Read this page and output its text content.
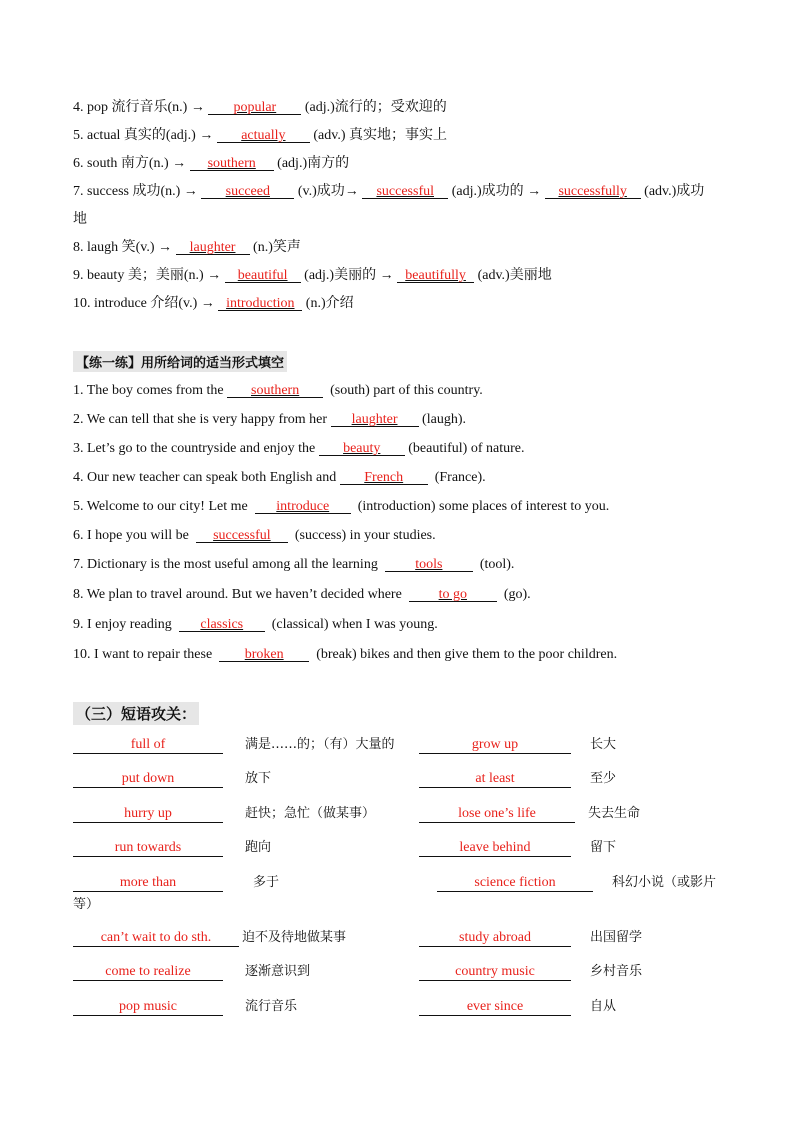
4. pop 流行音乐(n.) → popular (adj.)流行的；受欢迎的
5. actual 真实的(adj.) → actually (adv.) 真实地；事实上
6. south 南方(n.) → southern (adj.)南方的
7. success 成功(n.) → succeed (v.)成功→ successful (adj.)成功的 → successfully (adv.)成功
地
8. laugh 笑(v.) → laughter (n.)笑声
9. beauty 美；美丽(n.) → beautiful (adj.)美丽的 → beautifully (adv.)美丽地
10. introduce 介绍(v.) → introduction (n.)介绍
【练一练】用所给词的适当形式填空
1. The boy comes from the southern (south) part of this country.
2. We can tell that she is very happy from her laughter (laugh).
3. Let’s go to the countryside and enjoy the beauty (beautiful) of nature.
4. Our new teacher can speak both English and French (France).
5. Welcome to our city! Let me introduce (introduction) some places of interest to you.
6. I hope you will be successful (success) in your studies.
7. Dictionary is the most useful among all the learning	tools	(tool).
8. We plan to travel around. But we haven’t decided where	to go	(go).
9. I enjoy reading classics (classical) when I was young.
10. I want to repair these broken (break) bikes and then give them to the poor children.
（三）短语攻关：
full of	满是……的；（有）大量的	grow up	长大
put down	放下	at least	至少
hurry up	赶快；急忙（做某事）	lose one’s life	失去生命
run towards	跑向	leave behind	留下
more than	多于	science fiction	科幻小说（或影片
等）
can’t wait to do sth.	迫不及待地做某事	study abroad	出国留学
come to realize	逐渐意识到	country music	乡村音乐
pop music	流行音乐	ever since	自从
